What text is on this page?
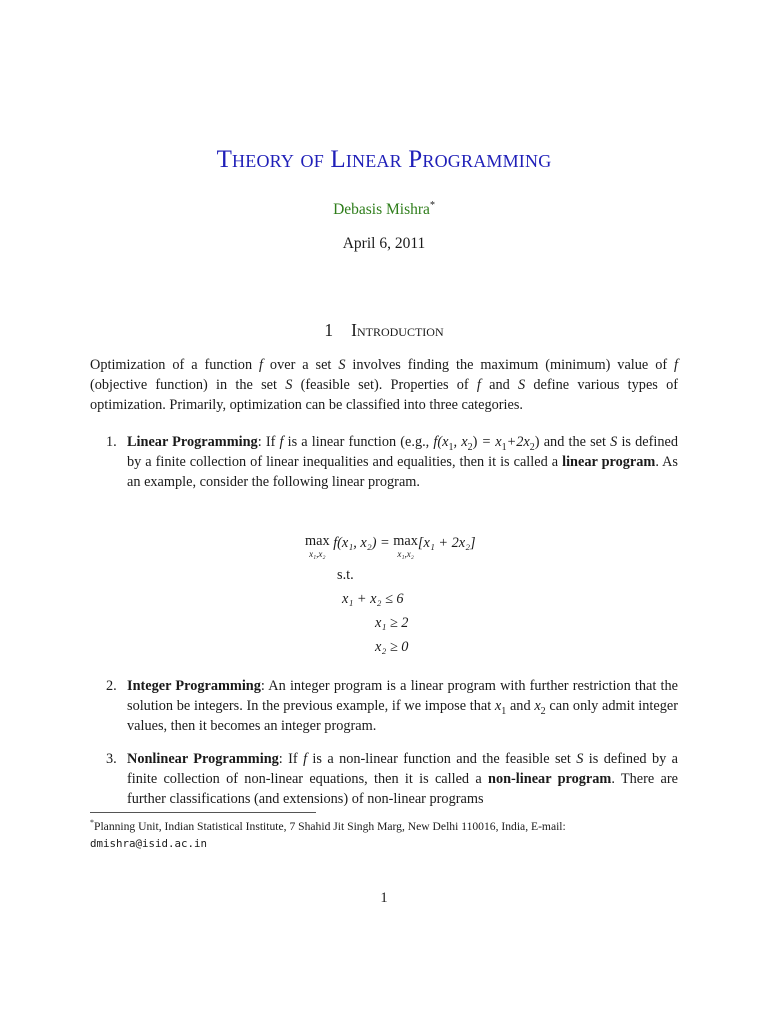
Theory of Linear Programming
Debasis Mishra*
April 6, 2011
1 Introduction
Optimization of a function f over a set S involves finding the maximum (minimum) value of f (objective function) in the set S (feasible set). Properties of f and S define various types of optimization. Primarily, optimization can be classified into three categories.
1. Linear Programming: If f is a linear function (e.g., $f(x_1$, $x_2) = x_1+2x_2$) and the set S is defined by a finite collection of linear inequalities and equalities, then it is called a linear program. As an example, consider the following linear program.
2. Integer Programming: An integer program is a linear program with further restriction that the solution be integers. In the previous example, if we impose that $x_1$ and $x_2$ can only admit integer values, then it becomes an integer program.
3. Nonlinear Programming: If f is a non-linear function and the feasible set S is defined by a finite collection of non-linear equations, then it is called a non-linear program. There are further classifications (and extensions) of non-linear programs
max
x₁,x₂
f(x₁, x₂) = max
x₁,x₂
[x₁ + 2x₂]
s.t.
x₁ + x₂ ≤ 6
x₁ ≥ 2
x₂ ≥ 0
*Planning Unit, Indian Statistical Institute, 7 Shahid Jit Singh Marg, New Delhi 110016, India, E-mail:
dmishra@isid.ac.in
1
